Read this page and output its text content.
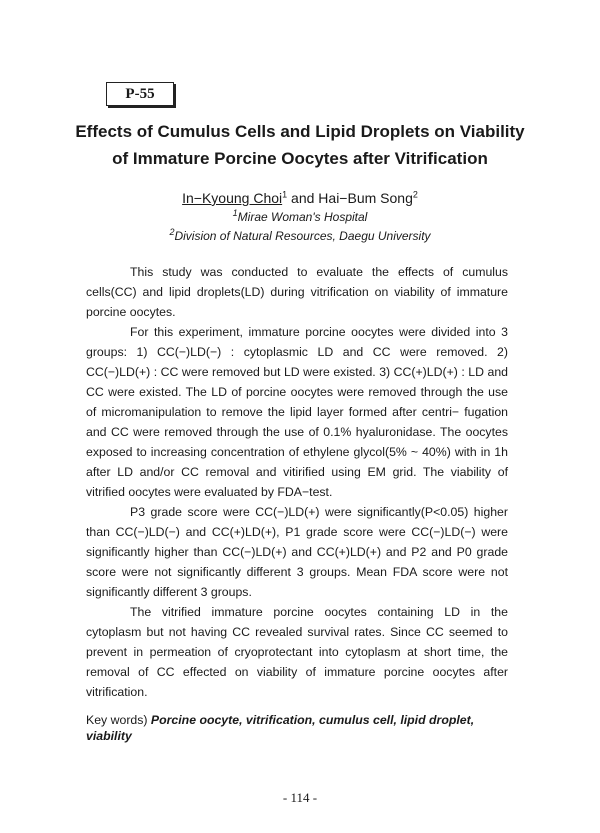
P-55
Effects of Cumulus Cells and Lipid Droplets on Viability
of Immature Porcine Oocytes after Vitrification
In−Kyoung Choi$^1$ and Hai−Bum Song$^2$
$^1$Mirae Woman's Hospital
$^2$Division of Natural Resources, Daegu University

This study was conducted to evaluate the effects of cumulus cells(CC) and lipid droplets(LD) during vitrification on viability of immature porcine oocytes.

For this experiment, immature porcine oocytes were divided into 3 groups: 1) CC(−)LD(−) : cytoplasmic LD and CC were removed. 2) CC(−)LD(+) : CC were removed but LD were existed. 3) CC(+)LD(+) : LD and CC were existed. The LD of porcine oocytes were removed through the use of micromanipulation to remove the lipid layer formed after centri− fugation and CC were removed through the use of 0.1% hyaluronidase. The oocytes exposed to increasing concentration of ethylene glycol(5% ~ 40%) with in 1h after LD and/or CC removal and vitirified using EM grid. The viability of vitrified oocytes were evaluated by FDA−test.

P3 grade score were CC(−)LD(+) were significantly(P<0.05) higher than CC(−)LD(−) and CC(+)LD(+), P1 grade score were CC(−)LD(−) were significantly higher than CC(−)LD(+) and CC(+)LD(+) and P2 and P0 grade score were not significantly different 3 groups. Mean FDA score were not significantly different 3 groups.

The vitrified immature porcine oocytes containing LD in the cytoplasm but not having CC revealed survival rates. Since CC seemed to prevent in permeation of cryoprotectant into cytoplasm at short time, the removal of CC effected on viability of immature porcine oocytes after vitrification.

Key words) Porcine oocyte, vitrification, cumulus cell, lipid droplet, viability
- 114 -
